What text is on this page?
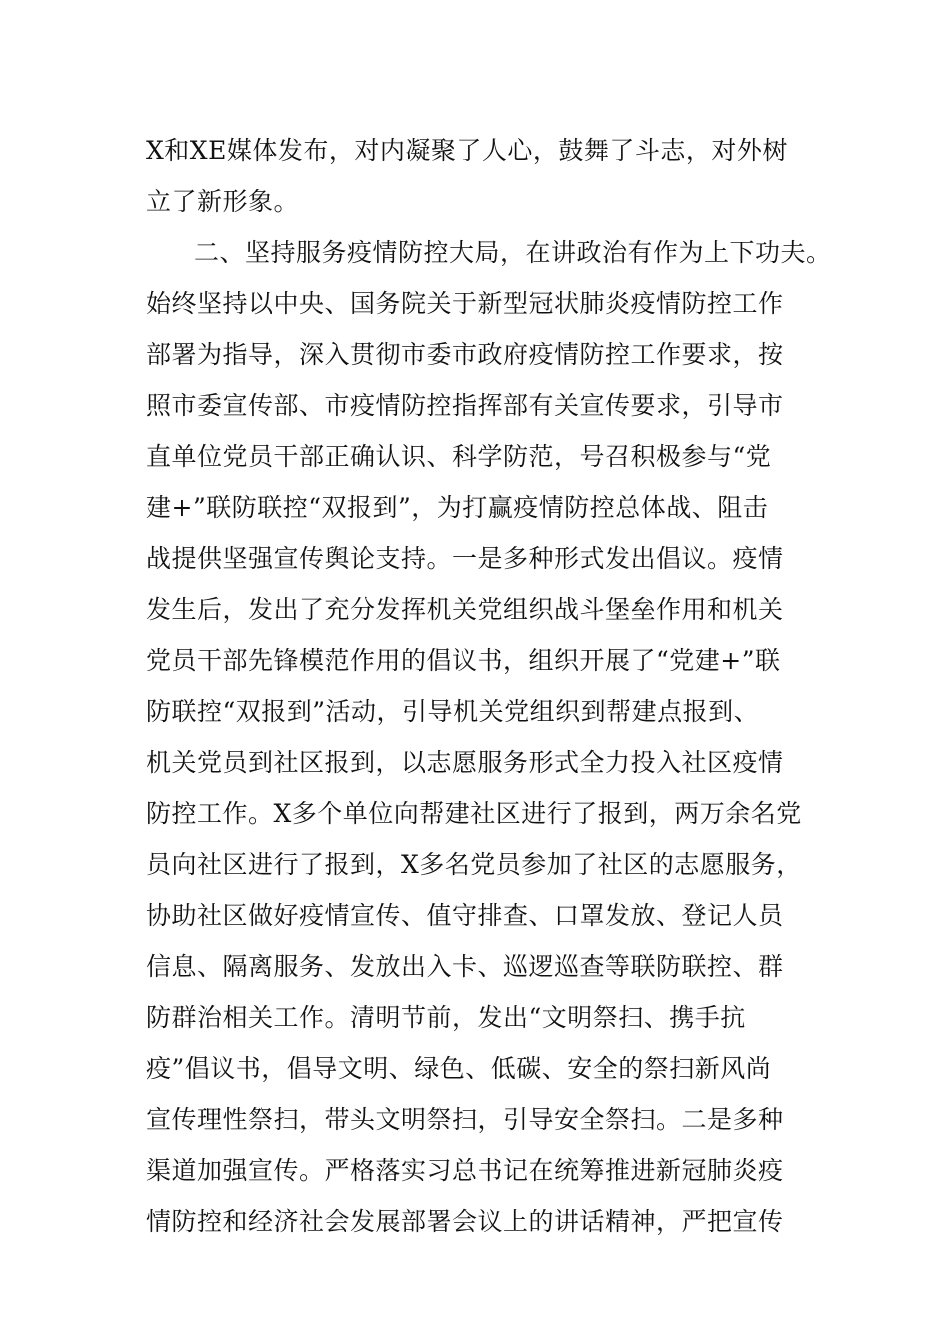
X和XE媒体发布，对内凝聚了人心，鼓舞了斗志，对外树
立了新形象。
二、坚持服务疫情防控大局，在讲政治有作为上下功夫。
始终坚持以中央、国务院关于新型冠状肺炎疫情防控工作
部署为指导，深入贯彻市委市政府疫情防控工作要求，按
照市委宣传部、市疫情防控指挥部有关宣传要求，引导市
直单位党员干部正确认识、科学防范，号召积极参与“党
建+”联防联控“双报到”，为打赢疫情防控总体战、阻击
战提供坚强宣传舆论支持。一是多种形式发出倡议。疫情
发生后，发出了充分发挥机关党组织战斗堡垒作用和机关
党员干部先锋模范作用的倡议书，组织开展了“党建+”联
防联控“双报到”活动，引导机关党组织到帮建点报到、
机关党员到社区报到，以志愿服务形式全力投入社区疫情
防控工作。X多个单位向帮建社区进行了报到，两万余名党
员向社区进行了报到，X多名党员参加了社区的志愿服务，
协助社区做好疫情宣传、值守排查、口罩发放、登记人员
信息、隔离服务、发放出入卡、巡逻巡查等联防联控、群
防群治相关工作。清明节前，发出“文明祭扫、携手抗
疫”倡议书，倡导文明、绿色、低碳、安全的祭扫新风尚
宣传理性祭扫，带头文明祭扫，引导安全祭扫。二是多种
渠道加强宣传。严格落实习总书记在统筹推进新冠肺炎疫
情防控和经济社会发展部署会议上的讲话精神，严把宣传
